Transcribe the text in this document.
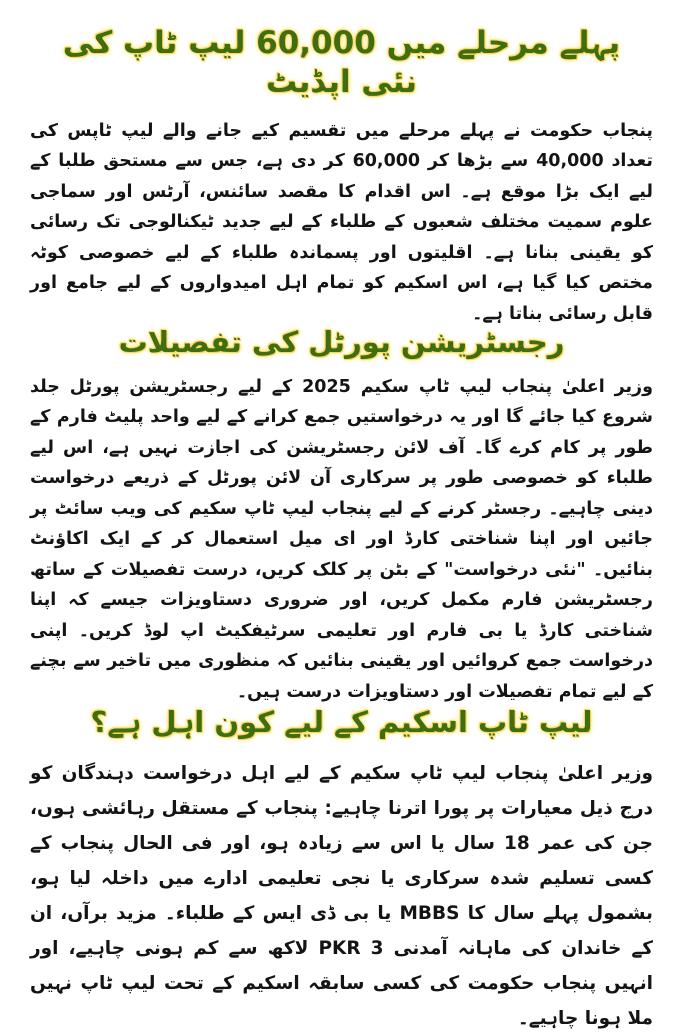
پہلے مرحلے میں 60,000 لیپ ٹاپ کی نئی اپڈیٹ

پنجاب حکومت نے پہلے مرحلے میں تقسیم کیے جانے والے لیپ ٹاپس کی تعداد 40,000 سے بڑھا کر 60,000 کر دی ہے، جس سے مستحق طلبا کے لیے ایک بڑا موقع ہے۔ اس اقدام کا مقصد سائنس، آرٹس اور سماجی علوم سمیت مختلف شعبوں کے طلباء کے لیے جدید ٹیکنالوجی تک رسائی کو یقینی بنانا ہے۔ اقلیتوں اور پسماندہ طلباء کے لیے خصوصی کوٹہ مختص کیا گیا ہے، اس اسکیم کو تمام اہل امیدواروں کے لیے جامع اور قابل رسائی بناتا ہے۔

رجسٹریشن پورٹل کی تفصیلات

وزیر اعلیٰ پنجاب لیپ ٹاپ سکیم 2025 کے لیے رجسٹریشن پورٹل جلد شروع کیا جائے گا اور یہ درخواستیں جمع کرانے کے لیے واحد پلیٹ فارم کے طور پر کام کرے گا۔ آف لائن رجسٹریشن کی اجازت نہیں ہے، اس لیے طلباء کو خصوصی طور پر سرکاری آن لائن پورٹل کے ذریعے درخواست دینی چاہیے۔ رجسٹر کرنے کے لیے پنجاب لیپ ٹاپ سکیم کی ویب سائٹ پر جائیں اور اپنا شناختی کارڈ اور ای میل استعمال کر کے ایک اکاؤنٹ بنائیں۔ "نئی درخواست" کے بٹن پر کلک کریں، درست تفصیلات کے ساتھ رجسٹریشن فارم مکمل کریں، اور ضروری دستاویزات جیسے کہ اپنا شناختی کارڈ یا بی فارم اور تعلیمی سرٹیفکیٹ اپ لوڈ کریں۔ اپنی درخواست جمع کروائیں اور یقینی بنائیں کہ منظوری میں تاخیر سے بچنے کے لیے تمام تفصیلات اور دستاویزات درست ہیں۔

لیپ ٹاپ اسکیم کے لیے کون اہل ہے؟

وزیر اعلیٰ پنجاب لیپ ٹاپ سکیم کے لیے اہل درخواست دہندگان کو درج ذیل معیارات پر پورا اترنا چاہیے: پنجاب کے مستقل رہائشی ہوں، جن کی عمر 18 سال یا اس سے زیادہ ہو، اور فی الحال پنجاب کے کسی تسلیم شدہ سرکاری یا نجی تعلیمی ادارے میں داخلہ لیا ہو، بشمول پہلے سال کا MBBS یا بی ڈی ایس کے طلباء۔ مزید برآں، ان کے خاندان کی ماہانہ آمدنی PKR 3 لاکھ سے کم ہونی چاہیے، اور انہیں پنجاب حکومت کی کسی سابقہ اسکیم کے تحت لیپ ٹاپ نہیں ملا ہونا چاہیے۔
